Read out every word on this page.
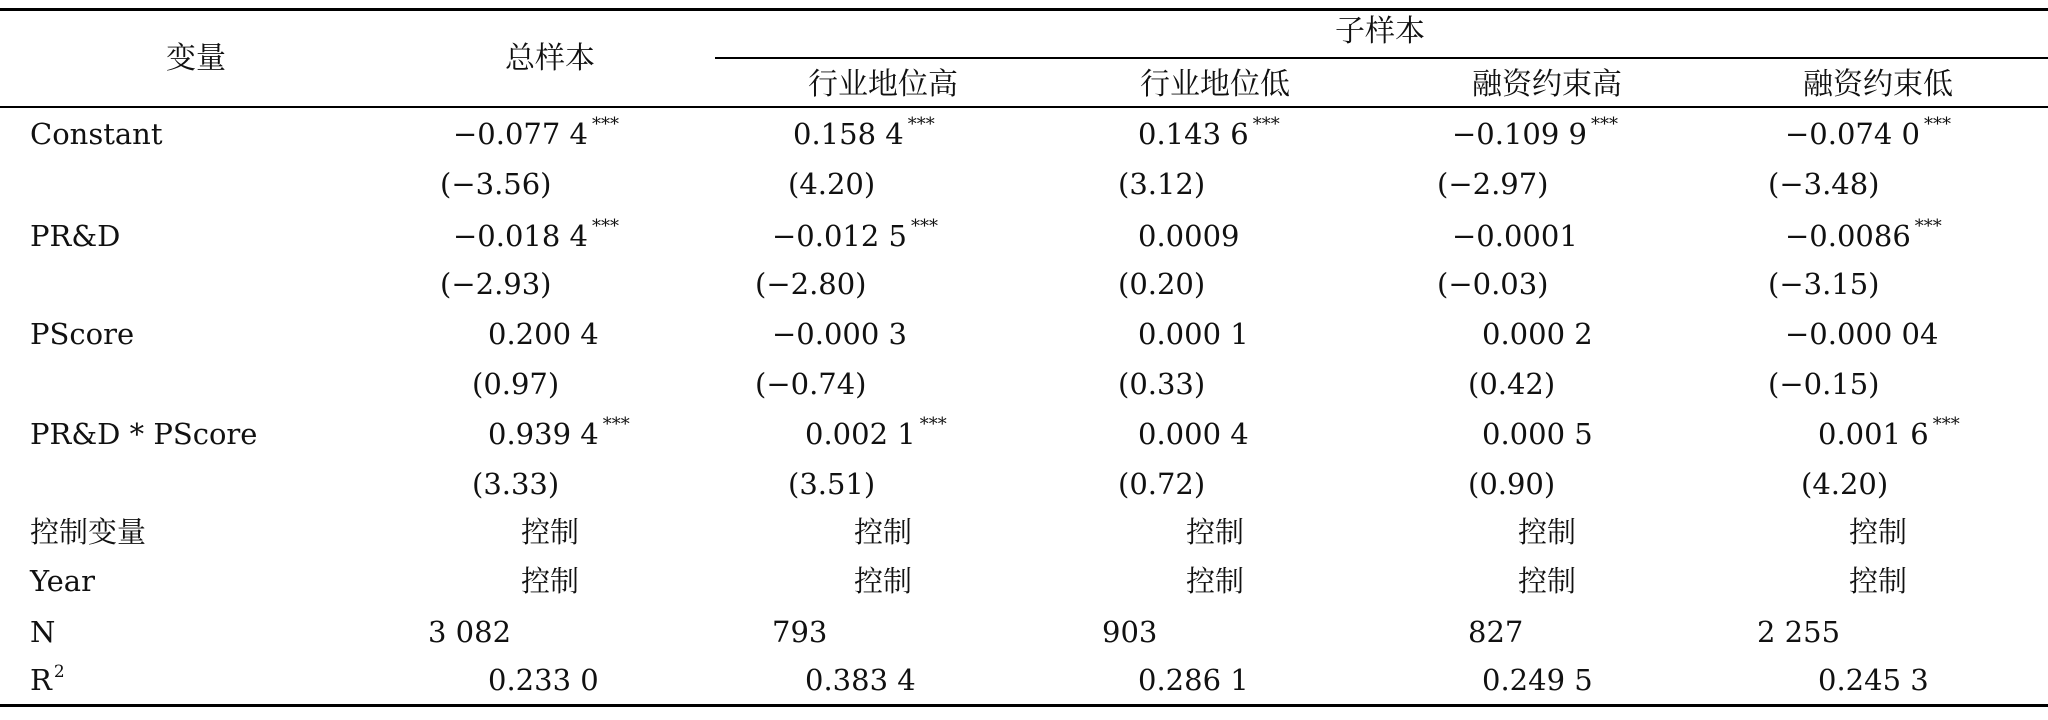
变量	总样本
子样本
行业地位高	行业地位低	融资约束高	融资约束低
Constant	−0.077 4 ***	0.158 4 ***	0.143 6 ***	−0.109 9 ***	−0.074 0 ***
(−3.56)	(4.20)	(3.12)	(−2.97)	(−3.48)
PR&D	−0.018 4 ***	−0.012 5 ***	0.0009	−0.0001	−0.0086 ***
(−2.93)	(−2.80)	(0.20)	(−0.03)	(−3.15)
PScore	0.200 4	−0.000 3	0.000 1	0.000 2	−0.000 04
(0.97)	(−0.74)	(0.33)	(0.42)	(−0.15)
PR&D * PScore	0.939 4 ***	0.002 1 ***	0.000 4	0.000 5	0.001 6 ***
(3.33)	(3.51)	(0.72)	(0.90)	(4.20)
控制变量	控制	控制	控制	控制	控制
Year	控制	控制	控制	控制	控制
N	3 082	793	903	827	2 255
R $^2$	0.233 0	0.383 4	0.286 1	0.249 5	0.245 3
